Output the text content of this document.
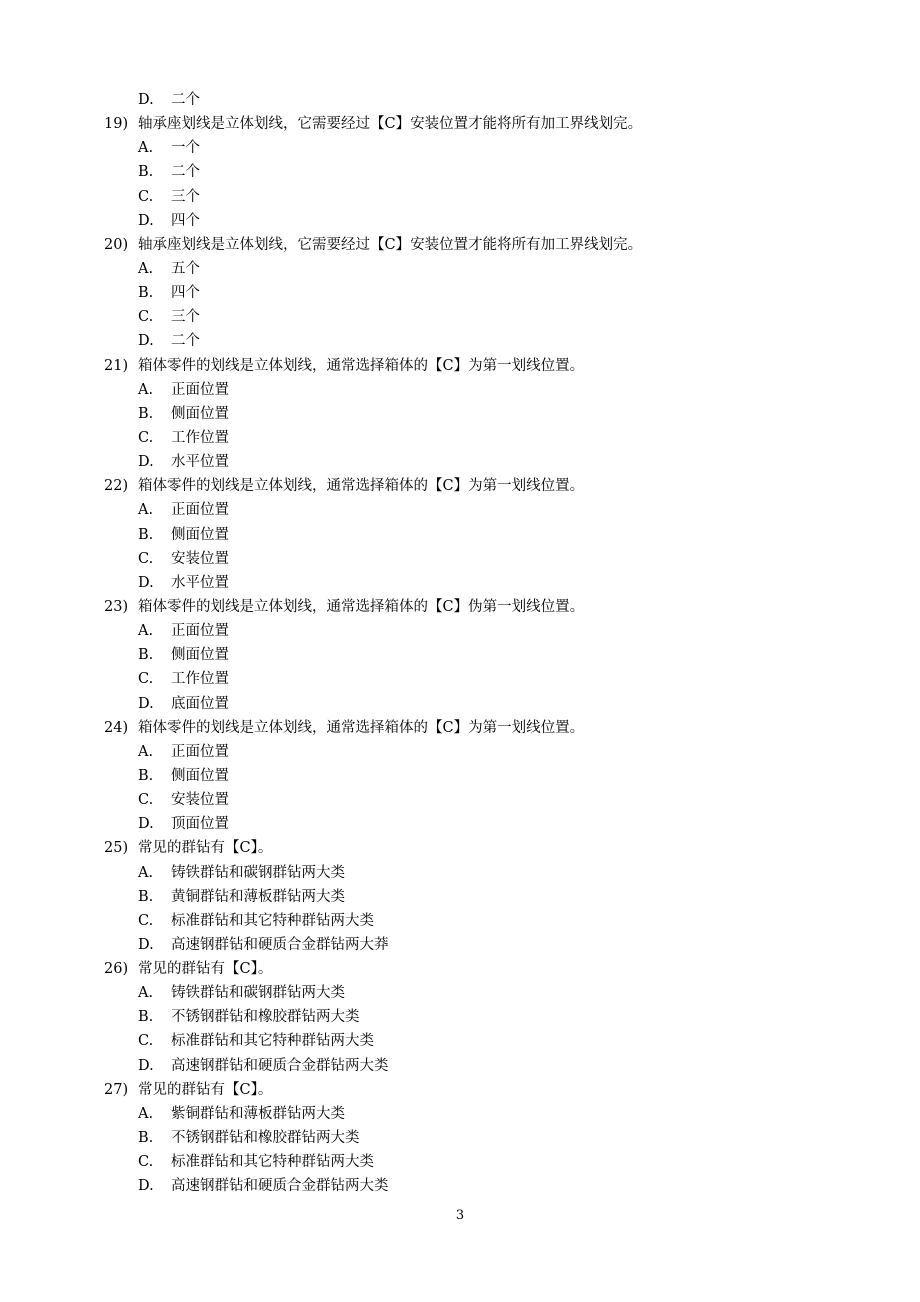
D. 二个
19) 轴承座划线是立体划线，它需要经过【C】安装位置才能将所有加工界线划完。
A. 一个
B. 二个
C. 三个
D. 四个
20) 轴承座划线是立体划线，它需要经过【C】安装位置才能将所有加工界线划完。
A. 五个
B. 四个
C. 三个
D. 二个
21) 箱体零件的划线是立体划线，通常选择箱体的【C】为第一划线位置。
A. 正面位置
B. 侧面位置
C. 工作位置
D. 水平位置
22) 箱体零件的划线是立体划线，通常选择箱体的【C】为第一划线位置。
A. 正面位置
B. 侧面位置
C. 安装位置
D. 水平位置
23) 箱体零件的划线是立体划线，通常选择箱体的【C】伪第一划线位置。
A. 正面位置
B. 侧面位置
C. 工作位置
D. 底面位置
24) 箱体零件的划线是立体划线，通常选择箱体的【C】为第一划线位置。
A. 正面位置
B. 侧面位置
C. 安装位置
D. 顶面位置
25) 常见的群钻有【C】。
A. 铸铁群钻和碳钢群钻两大类
B. 黄铜群钻和薄板群钻两大类
C. 标准群钻和其它特种群钻两大类
D. 高速钢群钻和硬质合金群钻两大莽
26) 常见的群钻有【C】。
A. 铸铁群钻和碳钢群钻两大类
B. 不锈钢群钻和橡胶群钻两大类
C. 标准群钻和其它特种群钻两大类
D. 高速钢群钻和硬质合金群钻两大类
27) 常见的群钻有【C】。
A. 紫铜群钻和薄板群钻两大类
B. 不锈钢群钻和橡胶群钻两大类
C. 标准群钻和其它特种群钻两大类
D. 高速钢群钻和硬质合金群钻两大类
3
